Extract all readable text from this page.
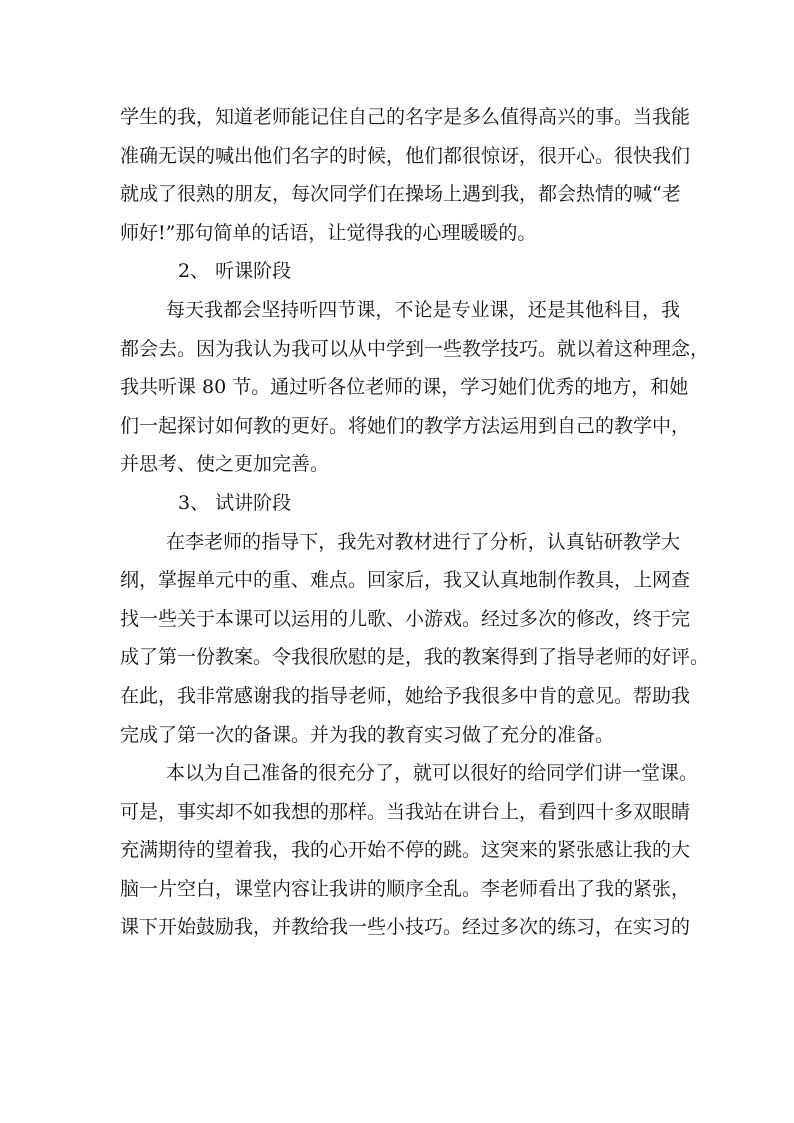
学生的我，知道老师能记住自己的名字是多么值得高兴的事。当我能
准确无误的喊出他们名字的时候，他们都很惊讶，很开心。很快我们
就成了很熟的朋友，每次同学们在操场上遇到我，都会热情的喊“老
师好!”那句简单的话语，让觉得我的心理暖暖的。
2、 听课阶段
每天我都会坚持听四节课，不论是专业课，还是其他科目，我
都会去。因为我认为我可以从中学到一些教学技巧。就以着这种理念，
我共听课 80 节。通过听各位老师的课，学习她们优秀的地方，和她
们一起探讨如何教的更好。将她们的教学方法运用到自己的教学中，
并思考、使之更加完善。
3、 试讲阶段
在李老师的指导下，我先对教材进行了分析，认真钻研教学大
纲，掌握单元中的重、难点。回家后，我又认真地制作教具，上网查
找一些关于本课可以运用的儿歌、小游戏。经过多次的修改，终于完
成了第一份教案。令我很欣慰的是，我的教案得到了指导老师的好评。
在此，我非常感谢我的指导老师，她给予我很多中肯的意见。帮助我
完成了第一次的备课。并为我的教育实习做了充分的准备。
本以为自己准备的很充分了，就可以很好的给同学们讲一堂课。
可是，事实却不如我想的那样。当我站在讲台上，看到四十多双眼睛
充满期待的望着我，我的心开始不停的跳。这突来的紧张感让我的大
脑一片空白，课堂内容让我讲的顺序全乱。李老师看出了我的紧张，
课下开始鼓励我，并教给我一些小技巧。经过多次的练习，在实习的
